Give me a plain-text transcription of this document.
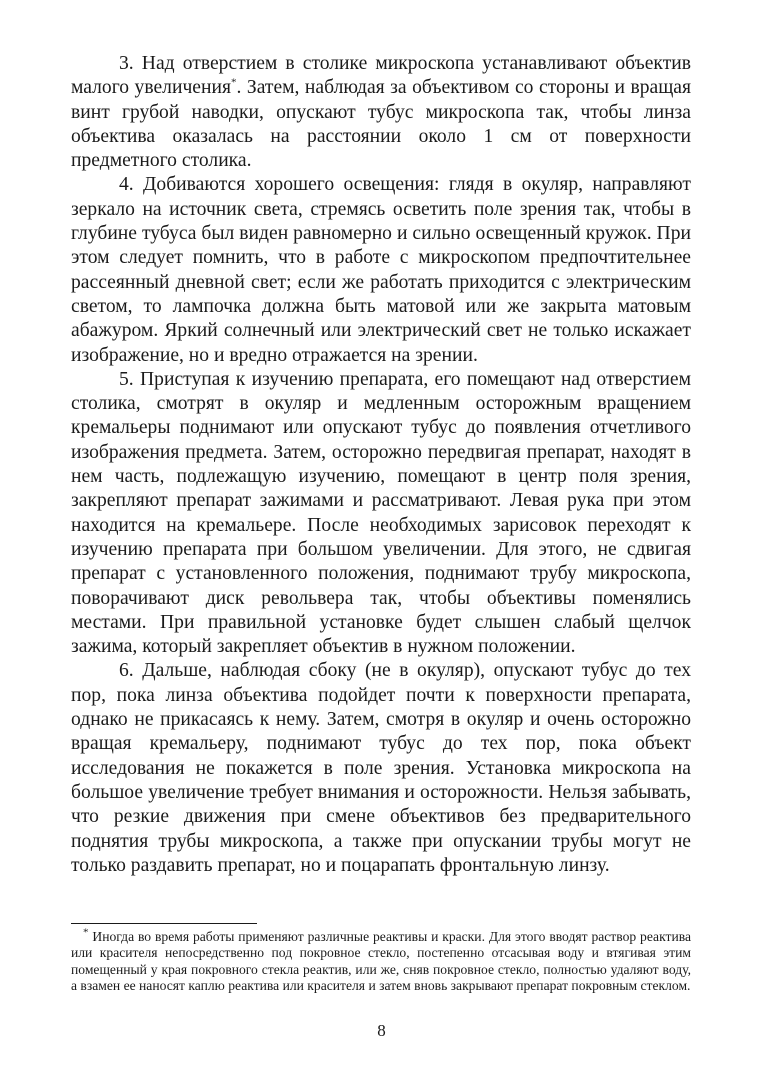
3. Над отверстием в столике микроскопа устанавливают объектив малого увеличения*. Затем, наблюдая за объективом со стороны и вращая винт грубой наводки, опускают тубус микроскопа так, чтобы линза объектива оказалась на расстоянии около 1 см от поверхности предметного столика.

4. Добиваются хорошего освещения: глядя в окуляр, направляют зеркало на источник света, стремясь осветить поле зрения так, чтобы в глубине тубуса был виден равномерно и сильно освещенный кружок. При этом следует помнить, что в работе с микроскопом предпочтительнее рассеянный дневной свет; если же работать приходится с электрическим светом, то лампочка должна быть матовой или же закрыта матовым абажуром. Яркий солнечный или электрический свет не только искажает изображение, но и вредно отражается на зрении.

5. Приступая к изучению препарата, его помещают над отверстием столика, смотрят в окуляр и медленным осторожным вращением кремальеры поднимают или опускают тубус до появления отчетливого изображения предмета. Затем, осторожно передвигая препарат, находят в нем часть, подлежащую изучению, помещают в центр поля зрения, закрепляют препарат зажимами и рассматривают. Левая рука при этом находится на кремальере. После необходимых зарисовок переходят к изучению препарата при большом увеличении. Для этого, не сдвигая препарат с установленного положения, поднимают трубу микроскопа, поворачивают диск револьвера так, чтобы объективы поменялись местами. При правильной установке будет слышен слабый щелчок зажима, который закрепляет объектив в нужном положении.

6. Дальше, наблюдая сбоку (не в окуляр), опускают тубус до тех пор, пока линза объектива подойдет почти к поверхности препарата, однако не прикасаясь к нему. Затем, смотря в окуляр и очень осторожно вращая кремальеру, поднимают тубус до тех пор, пока объект исследования не покажется в поле зрения. Установка микроскопа на большое увеличение требует внимания и осторожности. Нельзя забывать, что резкие движения при смене объективов без предварительного поднятия трубы микроскопа, а также при опускании трубы могут не только раздавить препарат, но и поцарапать фронтальную линзу.

* Иногда во время работы применяют различные реактивы и краски. Для этого вводят раствор реактива или красителя непосредственно под покровное стекло, постепенно отсасывая воду и втягивая этим помещенный у края покровного стекла реактив, или же, сняв покровное стекло, полностью удаляют воду, а взамен ее наносят каплю реактива или красителя и затем вновь закрывают препарат покровным стеклом.

8
